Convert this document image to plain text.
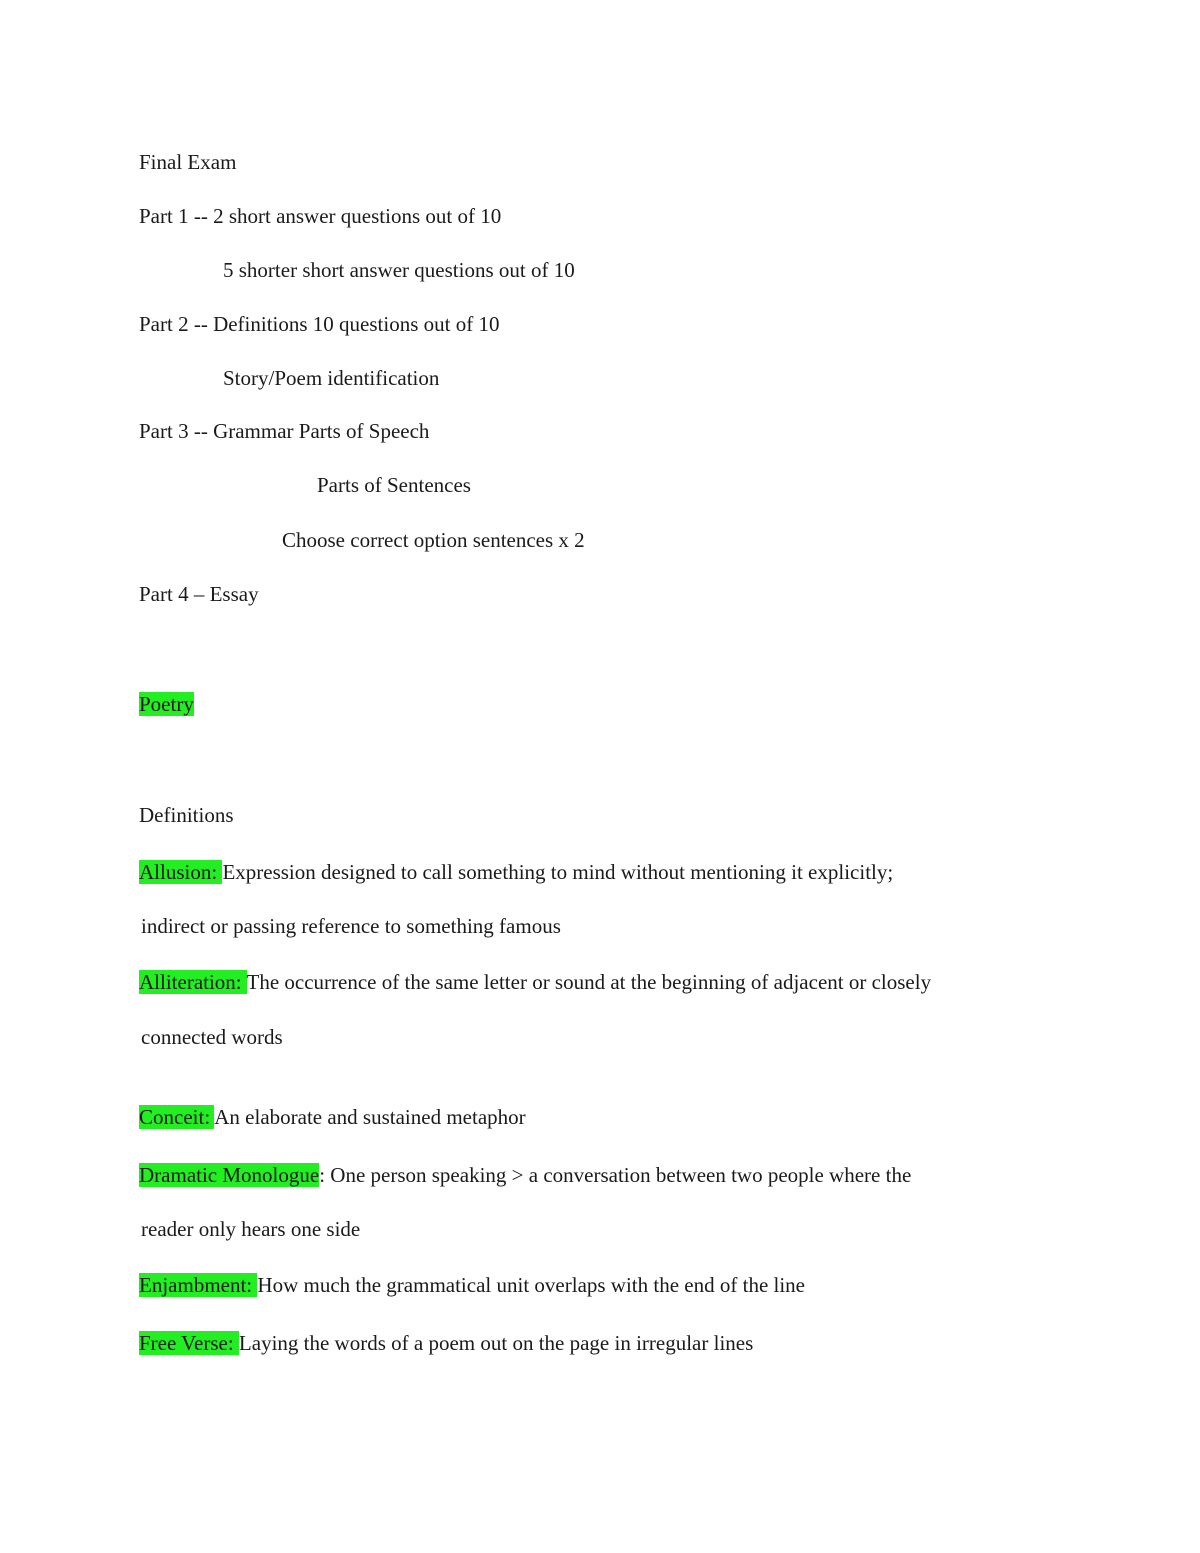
Final Exam
Part 1 -- 2 short answer questions out of 10
5 shorter short answer questions out of 10
Part 2 -- Definitions 10 questions out of 10
Story/Poem identification
Part 3 -- Grammar Parts of Speech
Parts of Sentences
Choose correct option sentences x 2
Part 4 – Essay
Poetry
Definitions
Allusion: Expression designed to call something to mind without mentioning it explicitly;
indirect or passing reference to something famous
Alliteration: The occurrence of the same letter or sound at the beginning of adjacent or closely
connected words
Conceit: An elaborate and sustained metaphor
Dramatic Monologue: One person speaking > a conversation between two people where the
reader only hears one side
Enjambment: How much the grammatical unit overlaps with the end of the line
Free Verse: Laying the words of a poem out on the page in irregular lines
